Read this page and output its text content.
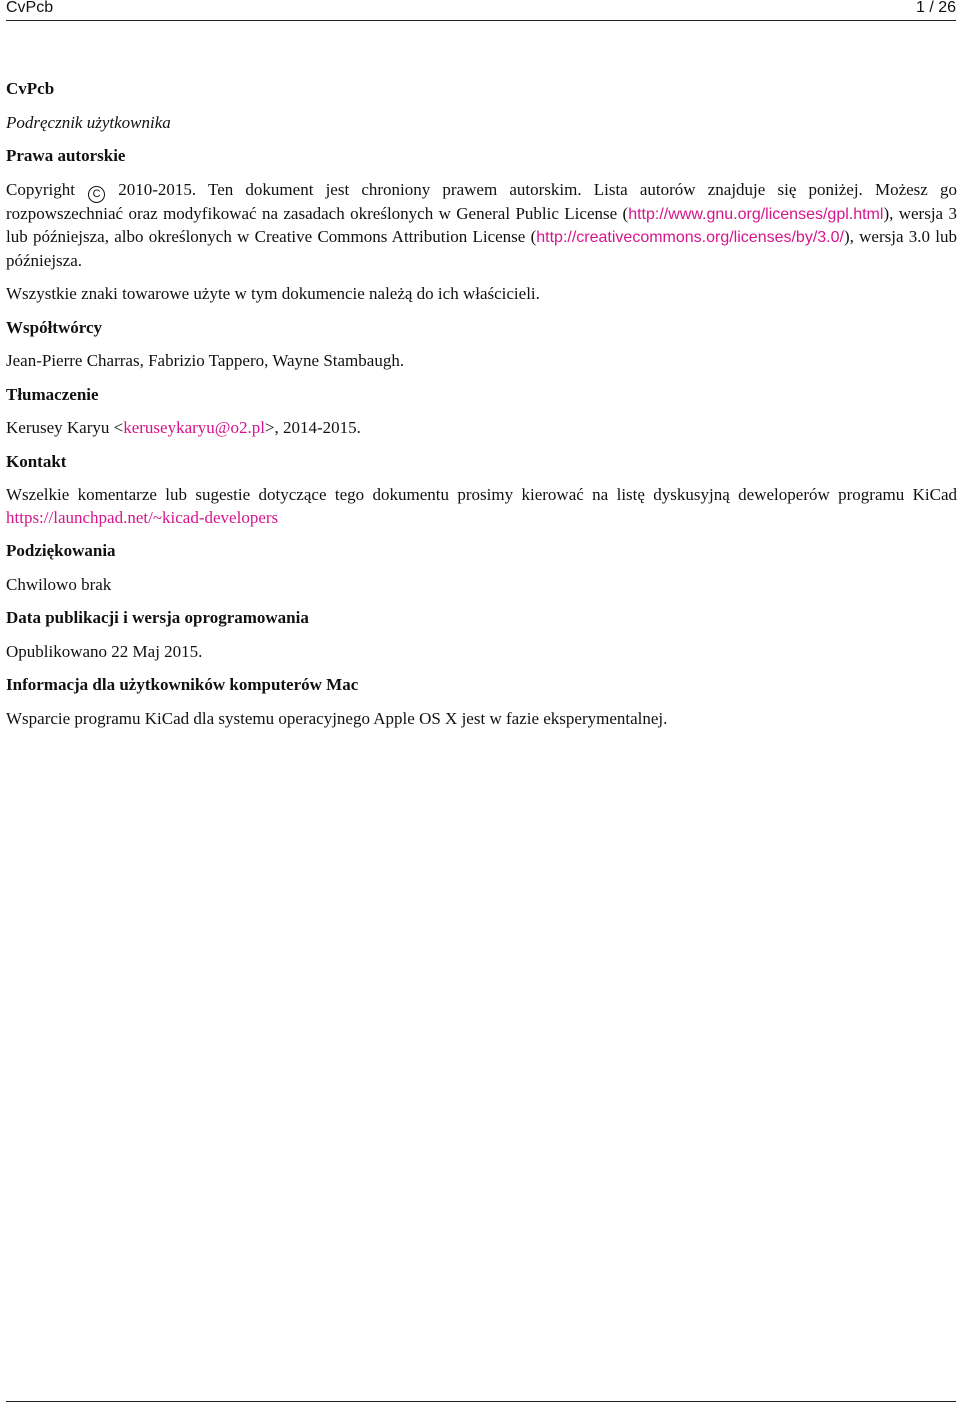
CvPcb	1 / 26

CvPcb

Podręcznik użytkownika

Prawa autorskie

Copyright C 2010-2015. Ten dokument jest chroniony prawem autorskim. Lista autorów znajduje się poniżej. Możesz go rozpowszechniać oraz modyfikować na zasadach określonych w General Public License (http://www.gnu.org/licenses/gpl.html), wersja 3 lub późniejsza, albo określonych w Creative Commons Attribution License (http://creativecommons.org/licenses/by/3.0/), wersja 3.0 lub późniejsza.

Wszystkie znaki towarowe użyte w tym dokumencie należą do ich właścicieli.

Współtwórcy

Jean-Pierre Charras, Fabrizio Tappero, Wayne Stambaugh.

Tłumaczenie

Kerusey Karyu <keruseykaryu@o2.pl>, 2014-2015.

Kontakt

Wszelkie komentarze lub sugestie dotyczące tego dokumentu prosimy kierować na listę dyskusyjną deweloperów programu KiCad https://launchpad.net/~kicad-developers

Podziękowania

Chwilowo brak

Data publikacji i wersja oprogramowania

Opublikowano 22 Maj 2015.

Informacja dla użytkowników komputerów Mac

Wsparcie programu KiCad dla systemu operacyjnego Apple OS X jest w fazie eksperymentalnej.
